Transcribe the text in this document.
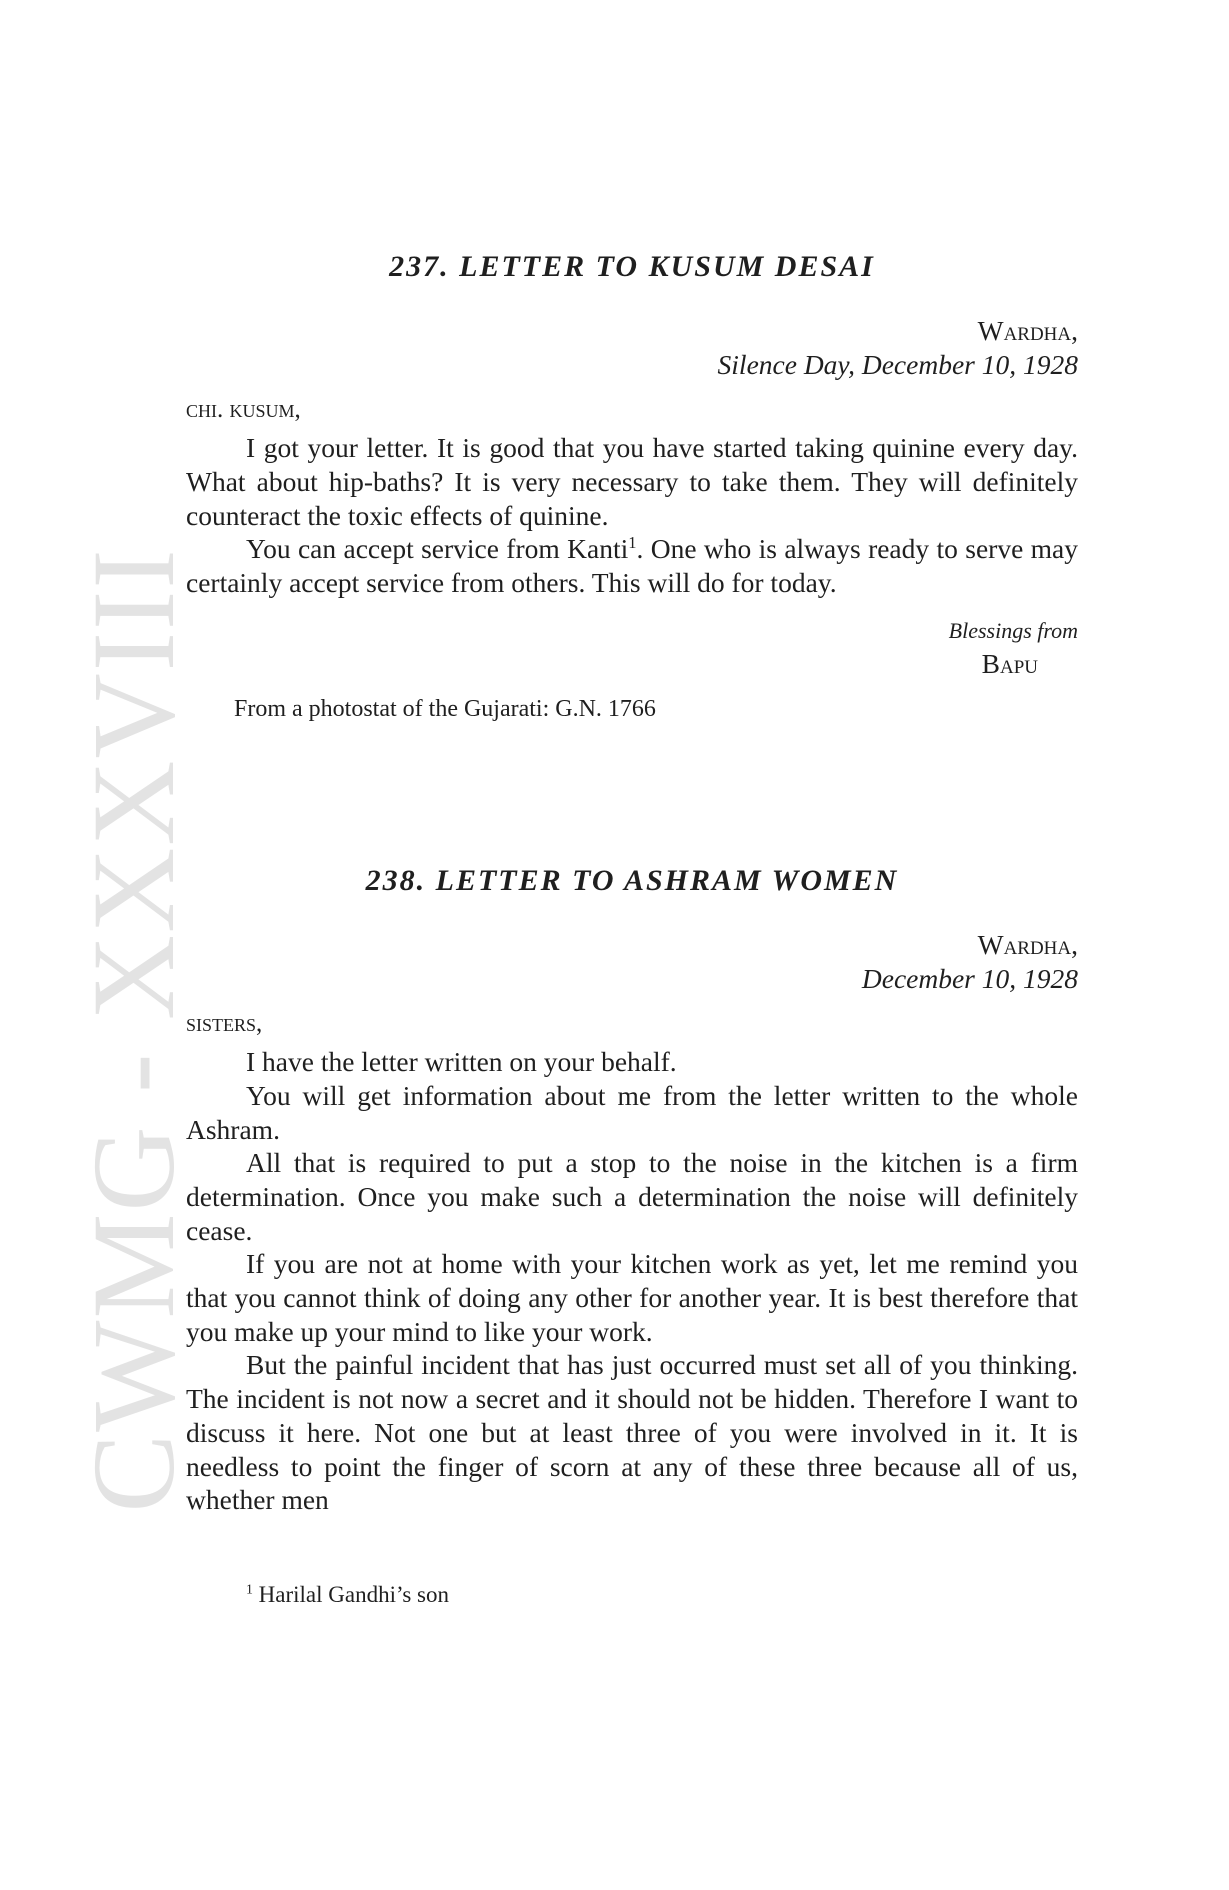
CWMG - XXXVIII
237. LETTER TO KUSUM DESAI

Wardha,

Silence Day, December 10, 1928

chi. kusum,

I got your letter. It is good that you have started taking quinine every day. What about hip-baths? It is very necessary to take them. They will definitely counteract the toxic effects of quinine.

You can accept service from Kanti$^1$. One who is always ready to serve may certainly accept service from others. This will do for today.

Blessings from

Bapu

From a photostat of the Gujarati: G.N. 1766

238. LETTER TO ASHRAM WOMEN

Wardha,

December 10, 1928

sisters,

I have the letter written on your behalf.

You will get information about me from the letter written to the whole Ashram.

All that is required to put a stop to the noise in the kitchen is a firm determination. Once you make such a determination the noise will definitely cease.

If you are not at home with your kitchen work as yet, let me remind you that you cannot think of doing any other for another year. It is best therefore that you make up your mind to like your work.

But the painful incident that has just occurred must set all of you thinking. The incident is not now a secret and it should not be hidden. Therefore I want to discuss it here. Not one but at least three of you were involved in it. It is needless to point the finger of scorn at any of these three because all of us, whether men

$^1$ Harilal Gandhi’s son
